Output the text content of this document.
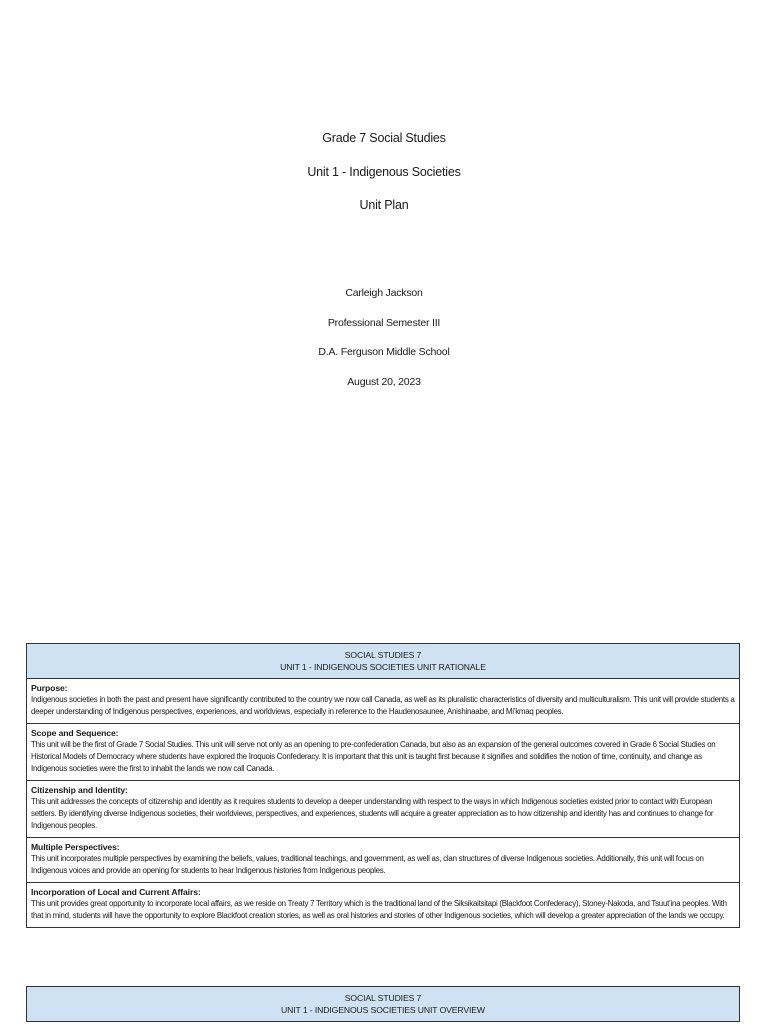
Grade 7 Social Studies

Unit 1 - Indigenous Societies

Unit Plan

Carleigh Jackson

Professional Semester III

D.A. Ferguson Middle School

August 20, 2023

SOCIAL STUDIES 7
UNIT 1 - INDIGENOUS SOCIETIES UNIT RATIONALE

Purpose:
Indigenous societies in both the past and present have significantly contributed to the country we now call Canada, as well as its pluralistic characteristics of diversity and multiculturalism. This unit will provide students a deeper understanding of Indigenous perspectives, experiences, and worldviews, especially in reference to the Haudenosaunee, Anishinaabe, and Mi’kmaq peoples.

Scope and Sequence:
This unit will be the first of Grade 7 Social Studies. This unit will serve not only as an opening to pre-confederation Canada, but also as an expansion of the general outcomes covered in Grade 6 Social Studies on Historical Models of Democracy where students have explored the Iroquois Confederacy. It is important that this unit is taught first because it signifies and solidifies the notion of time, continuity, and change as Indigenous societies were the first to inhabit the lands we now call Canada.

Citizenship and Identity:
This unit addresses the concepts of citizenship and identity as it requires students to develop a deeper understanding with respect to the ways in which Indigenous societies existed prior to contact with European settlers. By identifying diverse Indigenous societies, their worldviews, perspectives, and experiences, students will acquire a greater appreciation as to how citizenship and identity has and continues to change for Indigenous peoples.

Multiple Perspectives:
This unit incorporates multiple perspectives by examining the beliefs, values, traditional teachings, and government, as well as, clan structures of diverse Indigenous societies. Additionally, this unit will focus on Indigenous voices and provide an opening for students to hear Indigenous histories from Indigenous peoples.

Incorporation of Local and Current Affairs:
This unit provides great opportunity to incorporate local affairs, as we reside on Treaty 7 Territory which is the traditional land of the Siksikaitsitapi (Blackfoot Confederacy), Stoney-Nakoda, and Tsuut’ina peoples. With that in mind, students will have the opportunity to explore Blackfoot creation stories, as well as oral histories and stories of other Indigenous societies, which will develop a greater appreciation of the lands we occupy.
SOCIAL STUDIES 7
UNIT 1 - INDIGENOUS SOCIETIES UNIT OVERVIEW
